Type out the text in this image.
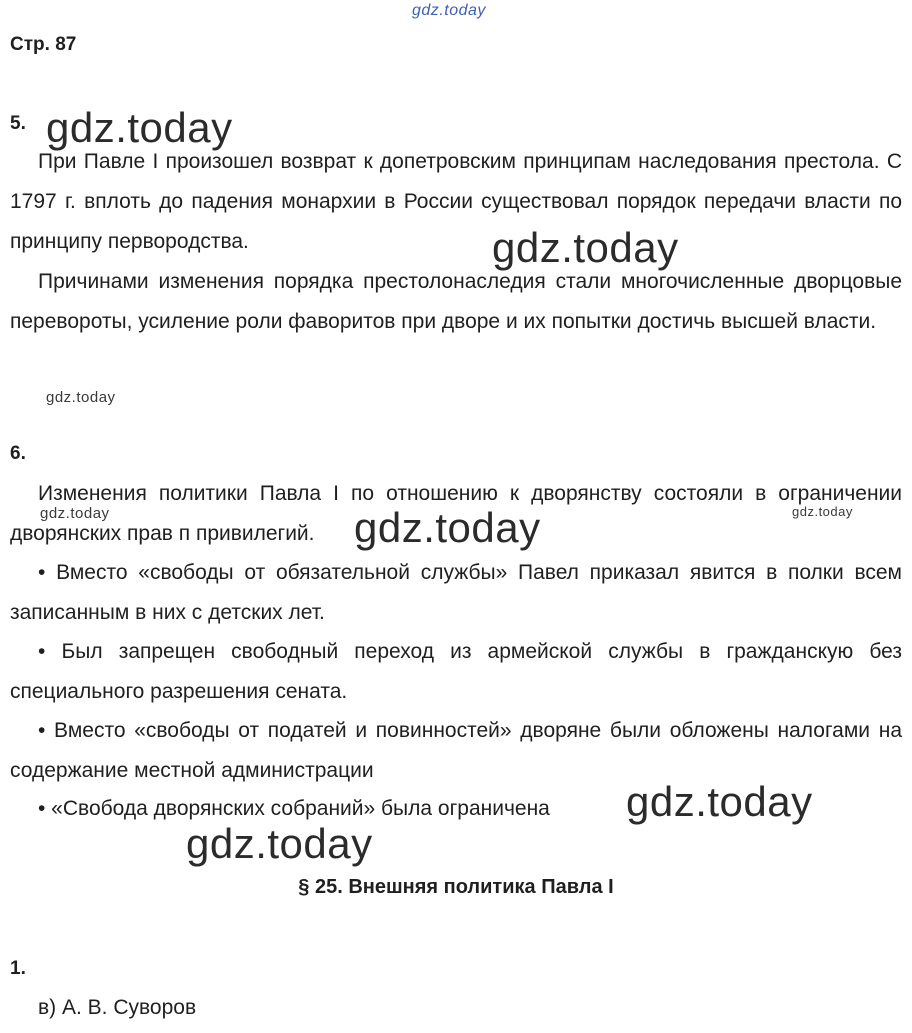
gdz.today
Стр. 87
5. gdz.today

При Павле I произошел возврат к допетровским принципам наследования престола. С 1797 г. вплоть до падения монархии в России существовал порядок передачи власти по принципу первородства.	gdz.today

Причинами изменения порядка престолонаследия стали многочисленные дворцовые перевороты, усиление роли фаворитов при дворе и их попытки достичь высшей власти.

gdz.today
6.

Изменения политики Павла I по отношению к дворянству состояли в ограничении дворянских прав п привилегий.

gdz.today	gdz.today
gdz.today

• Вместо «свободы от обязательной службы» Павел приказал явится в полки всем записанным в них с детских лет.

• Был запрещен свободный переход из армейской службы в гражданскую без специального разрешения сената.

• Вместо «свободы от податей и повинностей» дворяне были обложены налогами на содержание местной администрации

• «Свобода дворянских собраний» была ограничена	gdz.today
gdz.today
§ 25. Внешняя политика Павла I
1.
в) А. В. Суворов
